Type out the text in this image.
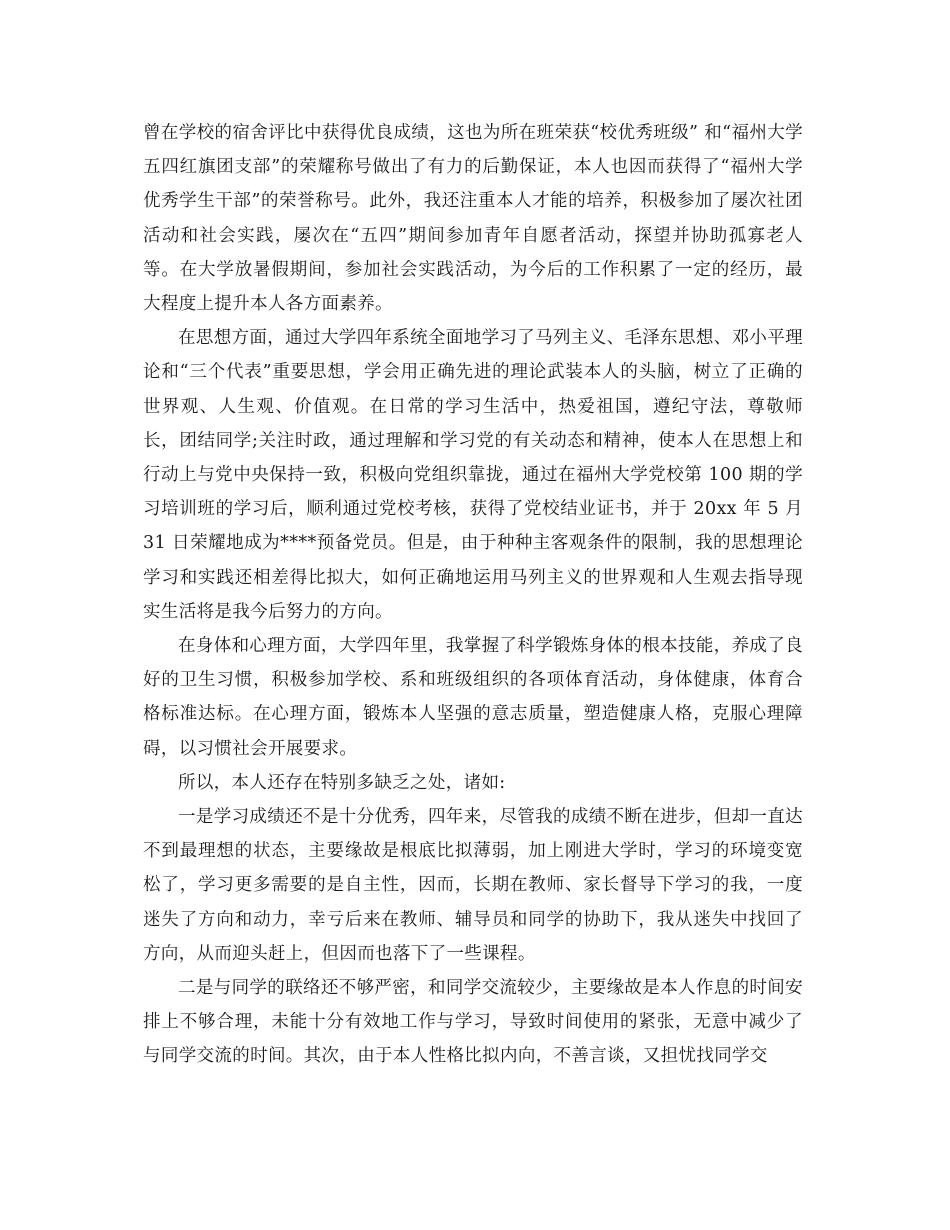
曾在学校的宿舍评比中获得优良成绩，这也为所在班荣获“校优秀班级” 和“福州大学五四红旗团支部”的荣耀称号做出了有力的后勤保证，本人也因而获得了“福州大学优秀学生干部”的荣誉称号。此外，我还注重本人才能的培养，积极参加了屡次社团活动和社会实践，屡次在“五四”期间参加青年自愿者活动，探望并协助孤寡老人等。在大学放暑假期间，参加社会实践活动，为今后的工作积累了一定的经历，最大程度上提升本人各方面素养。

在思想方面，通过大学四年系统全面地学习了马列主义、毛泽东思想、邓小平理论和“三个代表”重要思想，学会用正确先进的理论武装本人的头脑，树立了正确的世界观、人生观、价值观。在日常的学习生活中，热爱祖国，遵纪守法，尊敬师长，团结同学;关注时政，通过理解和学习党的有关动态和精神，使本人在思想上和行动上与党中央保持一致，积极向党组织靠拢，通过在福州大学党校第 100 期的学习培训班的学习后，顺利通过党校考核，获得了党校结业证书，并于 20xx 年 5 月 31 日荣耀地成为****预备党员。但是，由于种种主客观条件的限制，我的思想理论学习和实践还相差得比拟大，如何正确地运用马列主义的世界观和人生观去指导现实生活将是我今后努力的方向。

在身体和心理方面，大学四年里，我掌握了科学锻炼身体的根本技能，养成了良好的卫生习惯，积极参加学校、系和班级组织的各项体育活动，身体健康，体育合格标准达标。在心理方面，锻炼本人坚强的意志质量，塑造健康人格，克服心理障碍，以习惯社会开展要求。

所以，本人还存在特别多缺乏之处，诸如:

一是学习成绩还不是十分优秀，四年来，尽管我的成绩不断在进步，但却一直达不到最理想的状态，主要缘故是根底比拟薄弱，加上刚进大学时，学习的环境变宽松了，学习更多需要的是自主性，因而，长期在教师、家长督导下学习的我，一度迷失了方向和动力，幸亏后来在教师、辅导员和同学的协助下，我从迷失中找回了方向，从而迎头赶上，但因而也落下了一些课程。

二是与同学的联络还不够严密，和同学交流较少，主要缘故是本人作息的时间安排上不够合理，未能十分有效地工作与学习，导致时间使用的紧张，无意中减少了与同学交流的时间。其次，由于本人性格比拟内向，不善言谈，又担忧找同学交
